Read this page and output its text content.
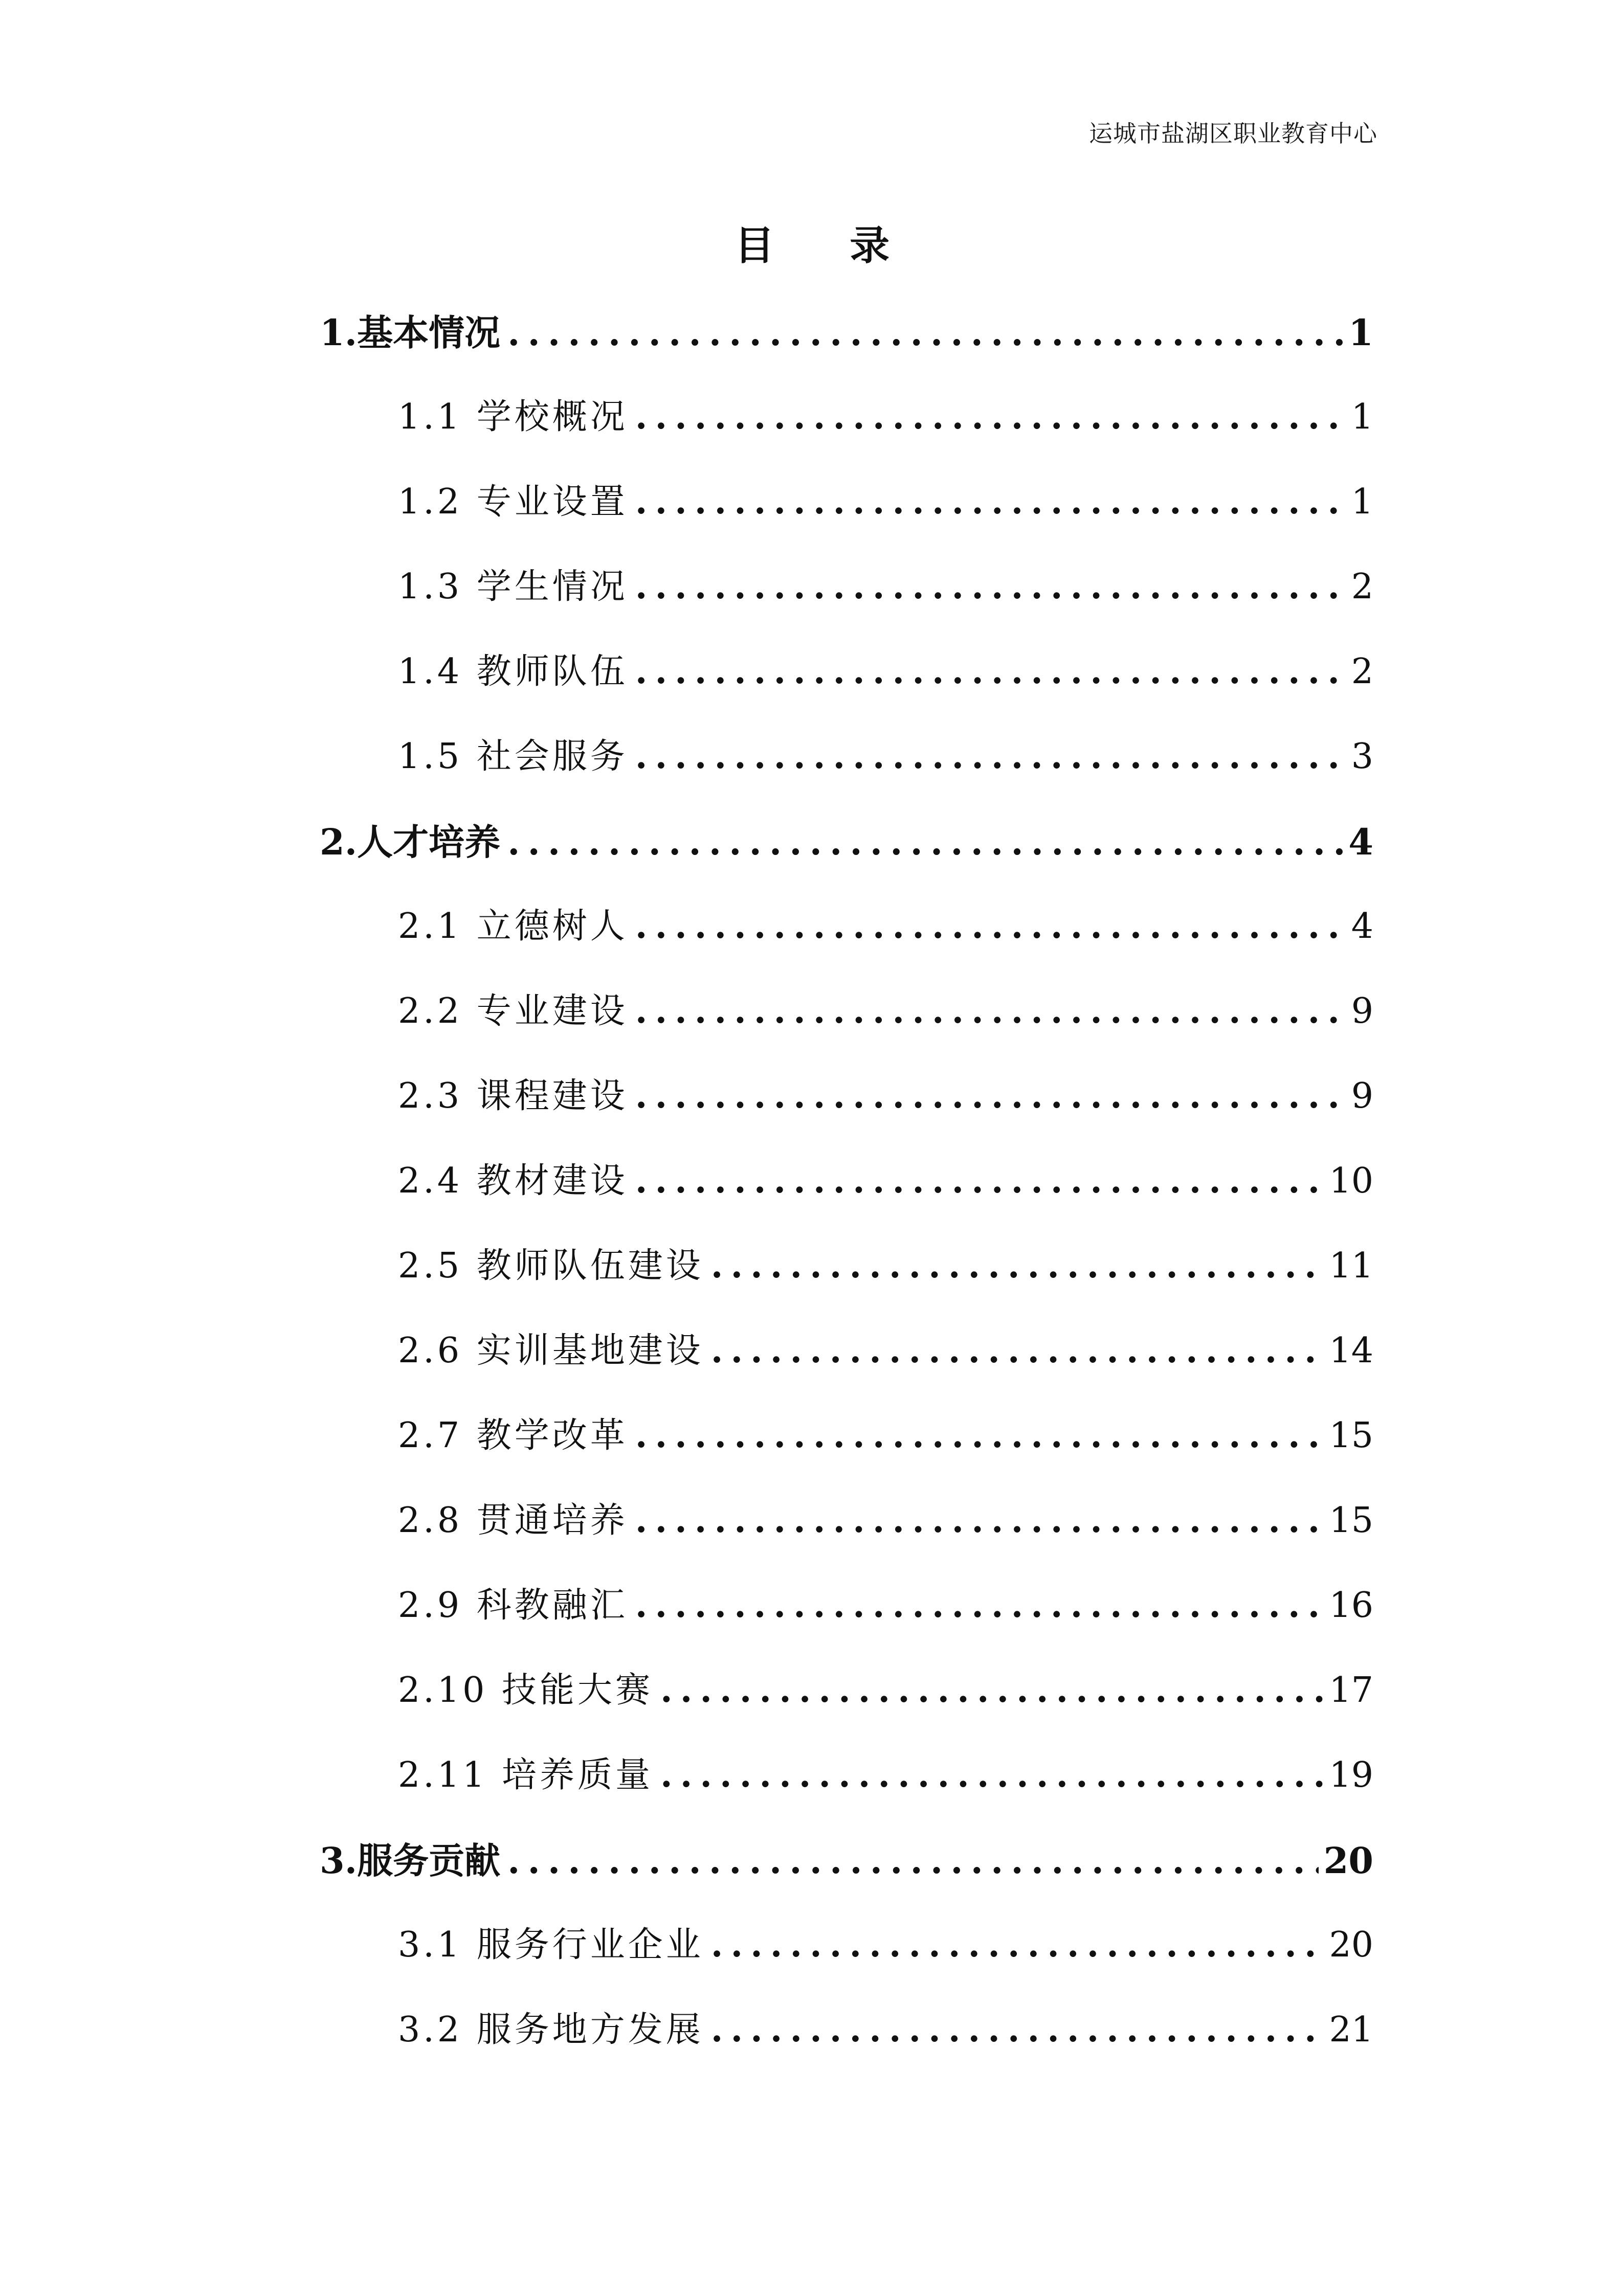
运城市盐湖区职业教育中心
目 录
1.基本情况 .....	1
1.1 学校概况 .....	1
1.2 专业设置 .....	1
1.3 学生情况 .....	2
1.4 教师队伍 .....	2
1.5 社会服务 .....	3
2.人才培养 .....	4
2.1 立德树人 .....	4
2.2 专业建设 .....	9
2.3 课程建设 .....	9
2.4 教材建设 .....	10
2.5 教师队伍建设 .....	11
2.6 实训基地建设 .....	14
2.7 教学改革 .....	15
2.8 贯通培养 .....	15
2.9 科教融汇 .....	16
2.10 技能大赛 .....	17
2.11 培养质量 .....	19
3.服务贡献 .....	20
3.1 服务行业企业 .....	20
3.2 服务地方发展 .....	21
